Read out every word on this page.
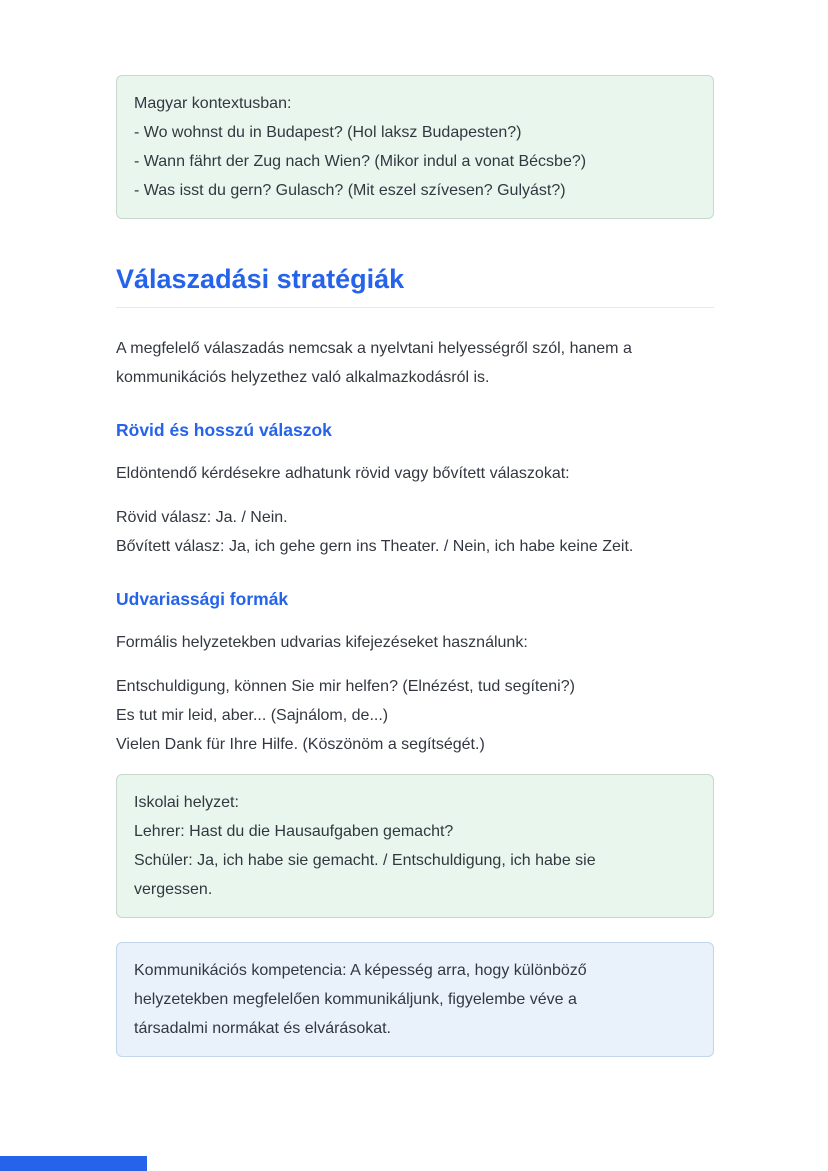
Magyar kontextusban:
- Wo wohnst du in Budapest? (Hol laksz Budapesten?)
- Wann fährt der Zug nach Wien? (Mikor indul a vonat Bécsbe?)
- Was isst du gern? Gulasch? (Mit eszel szívesen? Gulyást?)
Válaszadási stratégiák

A megfelelő válaszadás nemcsak a nyelvtani helyességről szól, hanem a kommunikációs helyzethez való alkalmazkodásról is.

Rövid és hosszú válaszok

Eldöntendő kérdésekre adhatunk rövid vagy bővített válaszokat:

Rövid válasz: Ja. / Nein.
Bővített válasz: Ja, ich gehe gern ins Theater. / Nein, ich habe keine Zeit.
Udvariassági formák

Formális helyzetekben udvarias kifejezéseket használunk:

Entschuldigung, können Sie mir helfen? (Elnézést, tud segíteni?)
Es tut mir leid, aber... (Sajnálom, de...)
Vielen Dank für Ihre Hilfe. (Köszönöm a segítségét.)
Iskolai helyzet:
Lehrer: Hast du die Hausaufgaben gemacht?
Schüler: Ja, ich habe sie gemacht. / Entschuldigung, ich habe sie
vergessen.
Kommunikációs kompetencia: A képesség arra, hogy különböző
helyzetekben megfelelően kommunikáljunk, figyelembe véve a
társadalmi normákat és elvárásokat.
